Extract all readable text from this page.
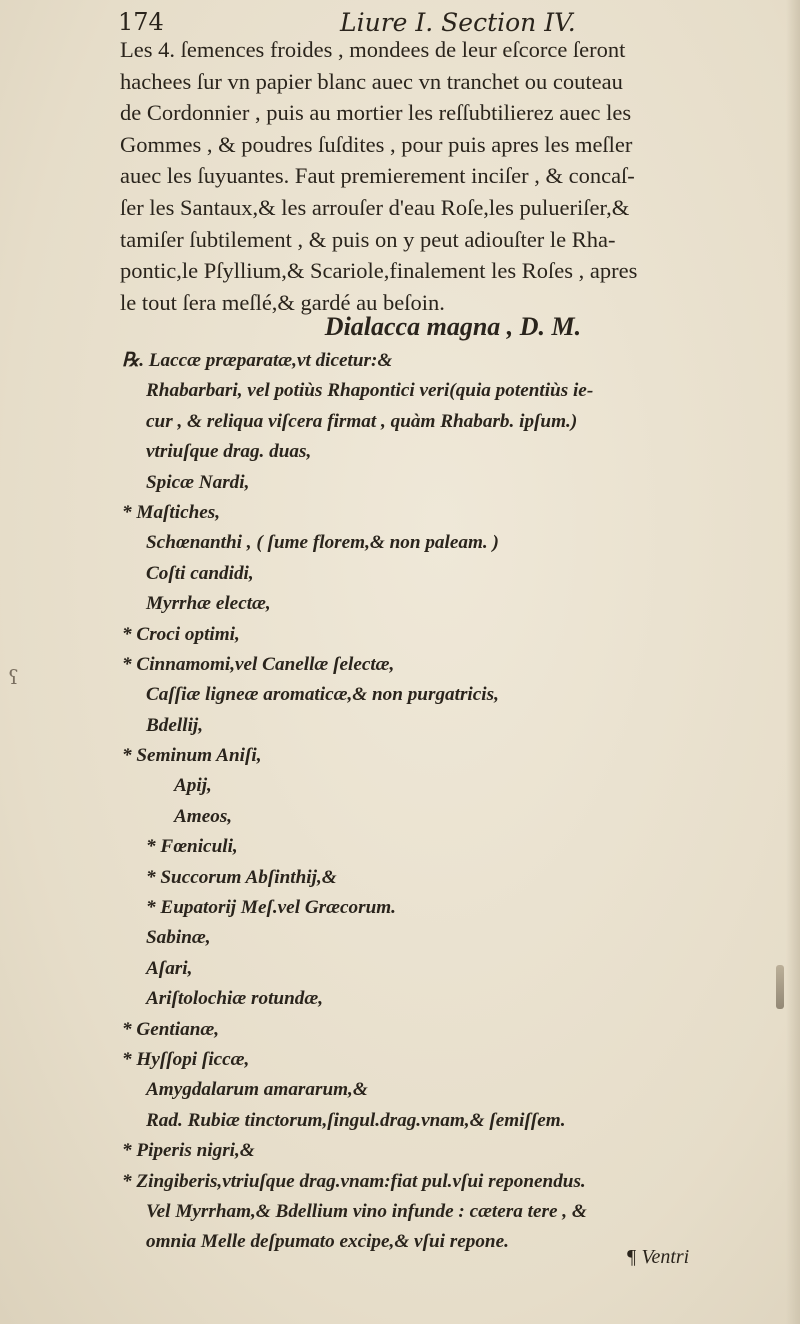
174	Liure I. Section IV.
Les 4. ſemences froides , mondees de leur eſcorce ſeront
hachees ſur vn papier blanc auec vn tranchet ou couteau
de Cordonnier , puis au mortier les reſſubtilierez auec les
Gommes , & poudres ſuſdites , pour puis apres les meſler
auec les ſuyuantes. Faut premierement inciſer , & concaſ-
ſer les Santaux,& les arrouſer d'eau Roſe,les pulueriſer,&
tamiſer ſubtilement , & puis on y peut adiouſter le Rha-
pontic,le Pſyllium,& Scariole,finalement les Roſes , apres
le tout ſera meſlé,& gardé au beſoin.
Dialacca magna , D. M.
℞. Laccæ præparatæ,vt dicetur:&
Rhabarbari, vel potiùs Rhapontici veri(quia potentiùs ie-
cur , & reliqua viſcera firmat , quàm Rhabarb. ipſum.)
vtriuſque drag. duas,
Spicæ Nardi,
* Maſtiches,
Schœnanthi , ( ſume florem,& non paleam. )
Coſti candidi,
Myrrhæ electæ,
* Croci optimi,
* Cinnamomi,vel Canellæ ſelectæ,
Caſſiæ ligneæ aromaticæ,& non purgatricis,
Bdellij,
* Seminum Aniſi,
Apij,
Ameos,
* Fœniculi,
* Succorum Abſinthij,&
* Eupatorij Meſ.vel Græcorum.
Sabinæ,
Aſari,
Ariſtolochiæ rotundæ,
* Gentianæ,
* Hyſſopi ſiccæ,
Amygdalarum amararum,&
Rad. Rubiæ tinctorum,ſingul.drag.vnam,& ſemiſſem.
* Piperis nigri,&
* Zingiberis,vtriuſque drag.vnam:fiat pul.vſui reponendus.
Vel Myrrham,& Bdellium vino infunde : cætera tere , &
omnia Melle deſpumato excipe,& vſui repone.
¶ Ventri
ʕ
